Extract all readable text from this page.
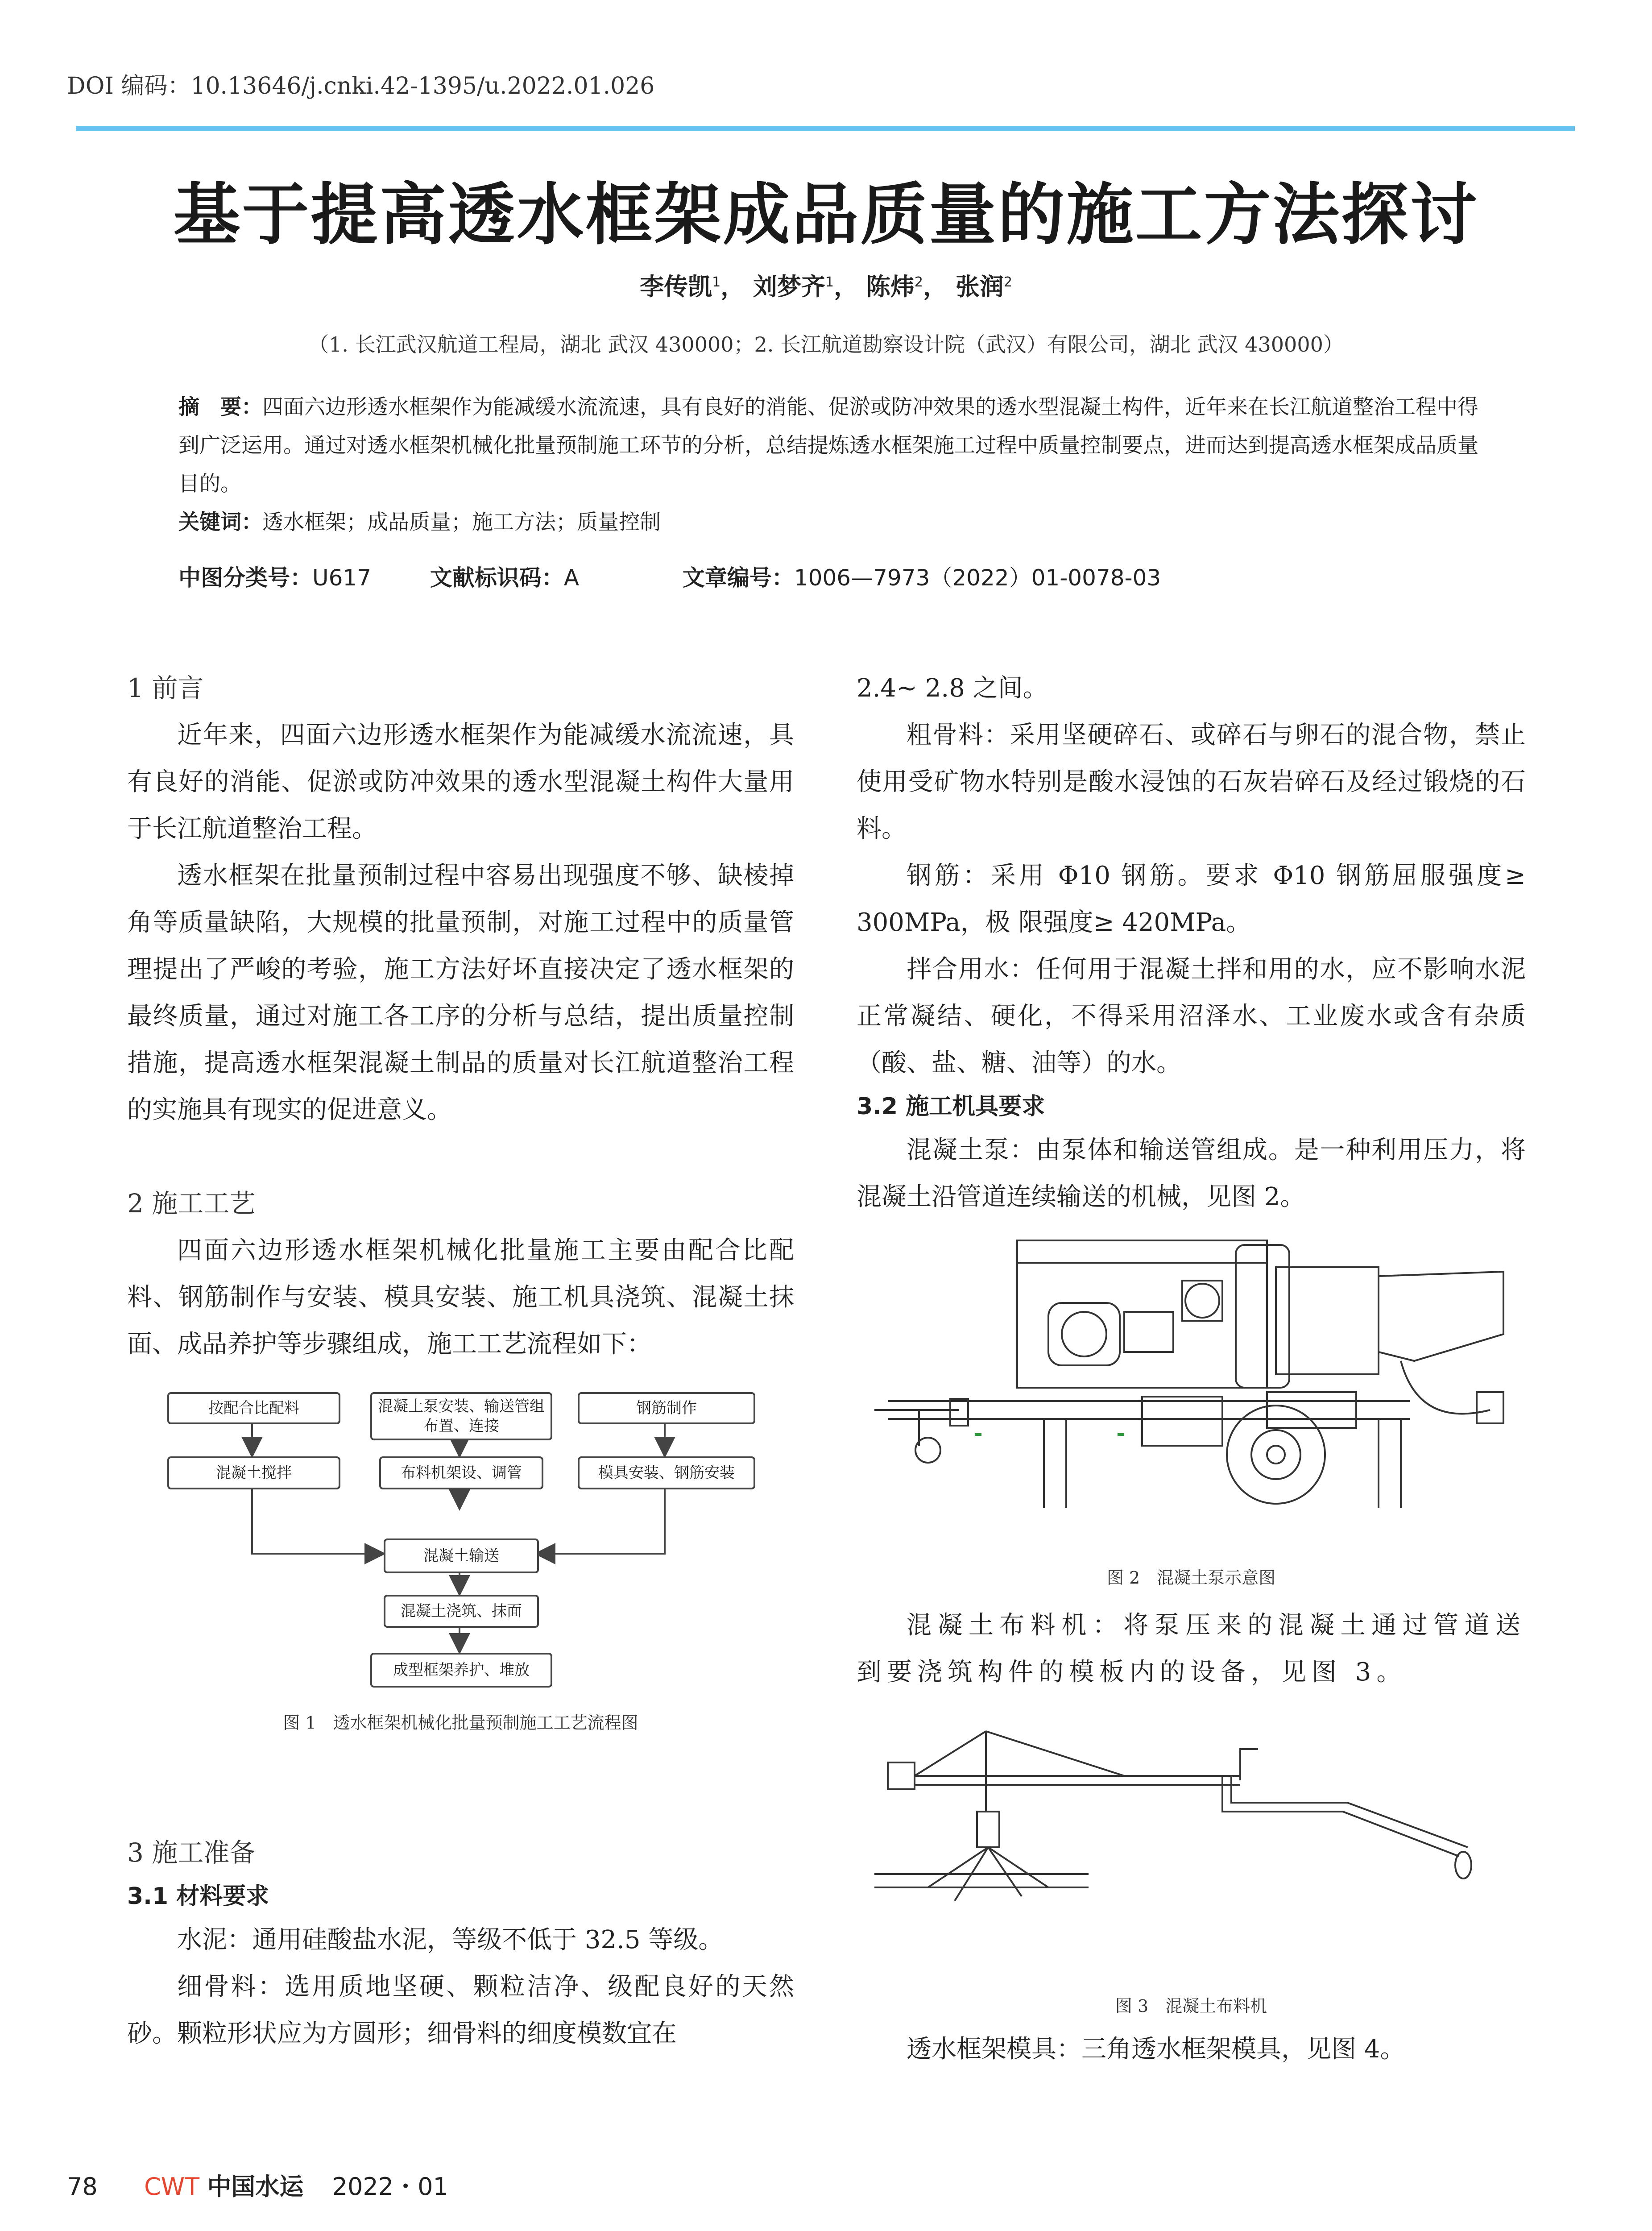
DOI 编码：10.13646/j.cnki.42-1395/u.2022.01.026
基于提高透水框架成品质量的施工方法探讨
李传凯$^1$， 刘梦齐$^1$， 陈炜$^2$， 张润$^2$
（1. 长江武汉航道工程局，湖北 武汉 430000；2. 长江航道勘察设计院（武汉）有限公司，湖北 武汉 430000）
摘　要：四面六边形透水框架作为能减缓水流流速，具有良好的消能、促淤或防冲效果的透水型混凝土构件，近年来在长江航道整治工程中得到广泛运用。通过对透水框架机械化批量预制施工环节的分析，总结提炼透水框架施工过程中质量控制要点，进而达到提高透水框架成品质量目的。
关键词：透水框架；成品质量；施工方法；质量控制
中图分类号：U617	文献标识码：A	文章编号：1006—7973（2022）01-0078-03
1 前言

近年来，四面六边形透水框架作为能减缓水流流速，具有良好的消能、促淤或防冲效果的透水型混凝土构件大量用于长江航道整治工程。

透水框架在批量预制过程中容易出现强度不够、缺棱掉角等质量缺陷，大规模的批量预制，对施工过程中的质量管理提出了严峻的考验，施工方法好坏直接决定了透水框架的最终质量，通过对施工各工序的分析与总结，提出质量控制措施，提高透水框架混凝土制品的质量对长江航道整治工程的实施具有现实的促进意义。

2 施工工艺

四面六边形透水框架机械化批量施工主要由配合比配料、钢筋制作与安装、模具安装、施工机具浇筑、混凝土抹面、成品养护等步骤组成，施工工艺流程如下：

按配合比配料	混凝土泵安装、输送管组布置、连接
钢筋制作
混凝土搅拌	布料机架设、调管	模具安装、钢筋安装
混凝土输送
混凝土浇筑、抹面
成型框架养护、堆放
图 1　透水框架机械化批量预制施工工艺流程图
3 施工准备
3.1 材料要求

水泥：通用硅酸盐水泥，等级不低于 32.5 等级。

细骨料：选用质地坚硬、颗粒洁净、级配良好的天然砂。颗粒形状应为方圆形；细骨料的细度模数宜在

2.4~ 2.8 之间。

粗骨料：采用坚硬碎石、或碎石与卵石的混合物，禁止使用受矿物水特别是酸水浸蚀的石灰岩碎石及经过锻烧的石料。

钢筋：采用 Φ10 钢筋。要求 Φ10 钢筋屈服强度≥ 300MPa，极 限强度≥ 420MPa。

拌合用水：任何用于混凝土拌和用的水，应不影响水泥正常凝结、硬化，不得采用沼泽水、工业废水或含有杂质（酸、盐、糖、油等）的水。

3.2 施工机具要求

混凝土泵：由泵体和输送管组成。是一种利用压力，将混凝土沿管道连续输送的机械，见图 2。

图 2　混凝土泵示意图

混凝土布料机：将泵压来的混凝土通过管道送到要浇筑构件的模板内的设备，见图 3。

图 3　混凝土布料机

透水框架模具：三角透水框架模具，见图 4。

78 CWT 中国水运 2022・01
